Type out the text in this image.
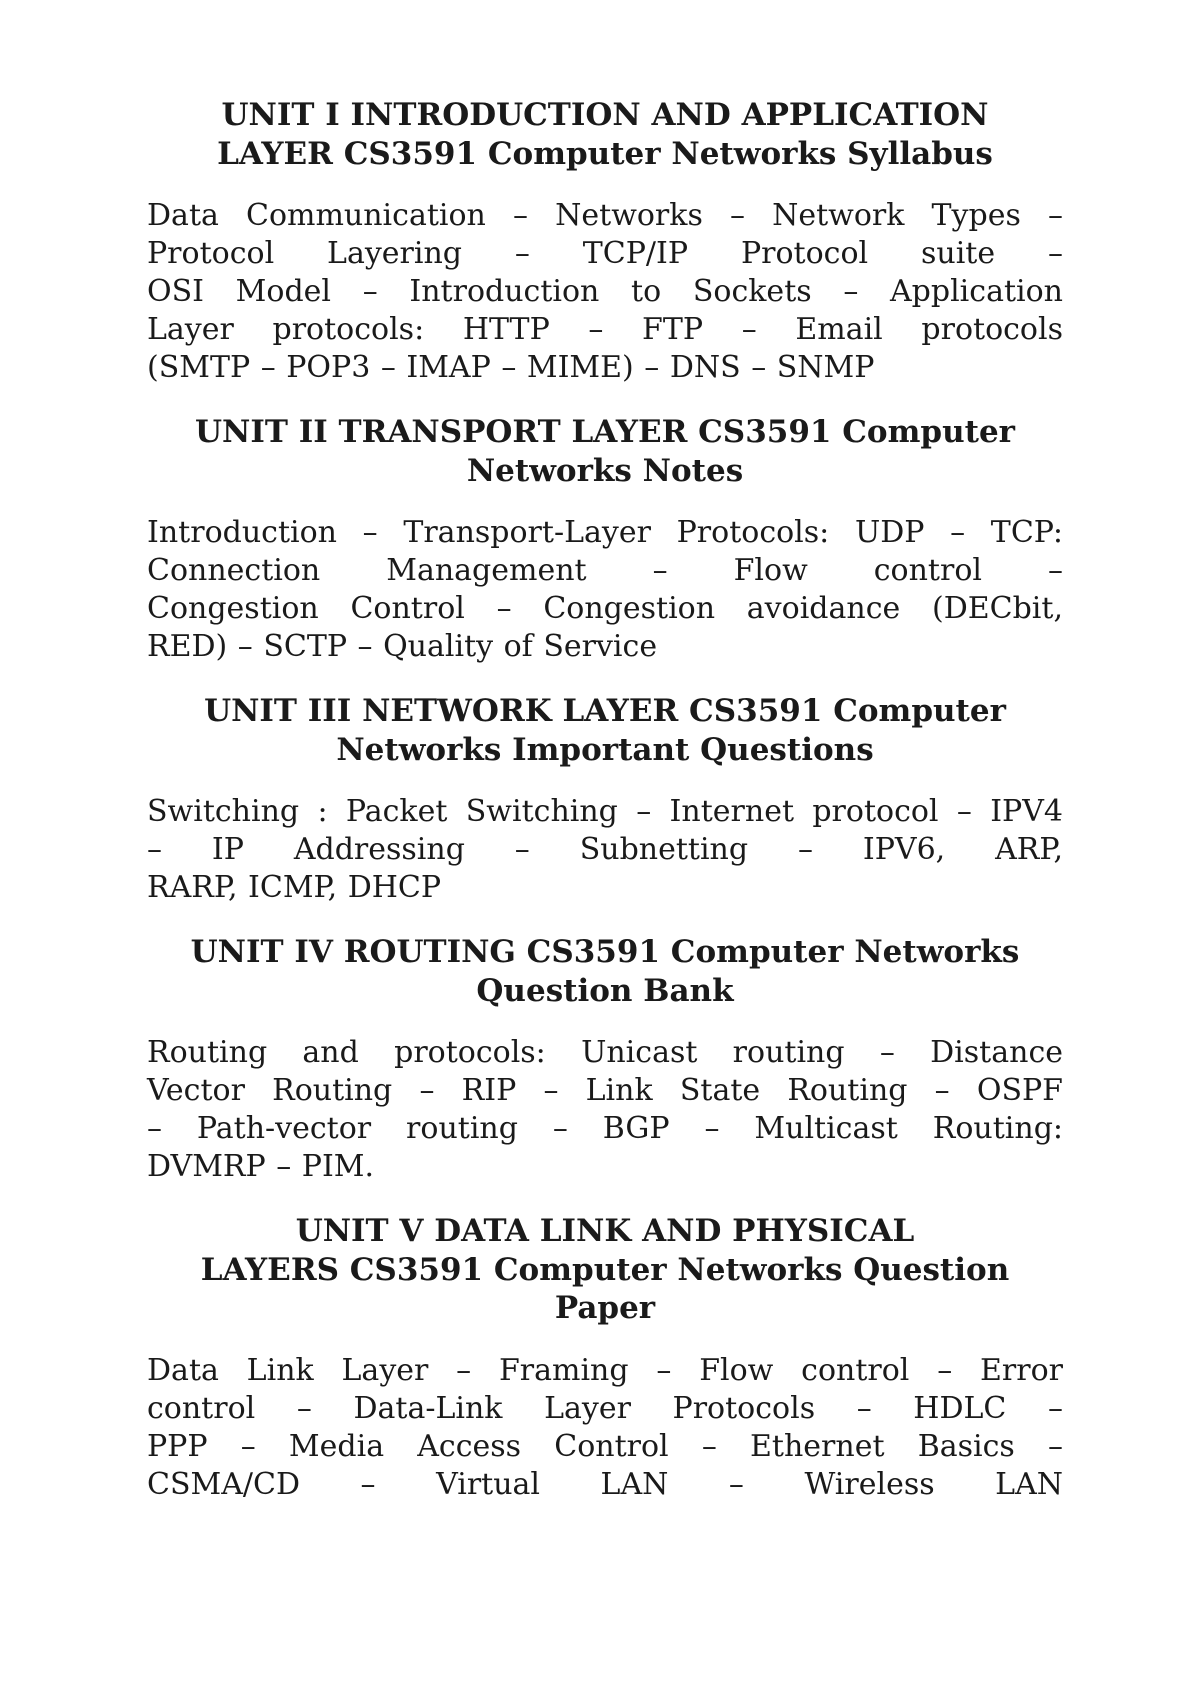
UNIT I INTRODUCTION AND APPLICATION
LAYER CS3591 Computer Networks Syllabus

Data Communication – Networks – Network Types –
Protocol Layering – TCP/IP Protocol suite –
OSI Model – Introduction to Sockets – Application
Layer protocols: HTTP – FTP – Email protocols
(SMTP – POP3 – IMAP – MIME) – DNS – SNMP

UNIT II TRANSPORT LAYER CS3591 Computer
Networks Notes

Introduction – Transport-Layer Protocols: UDP – TCP:
Connection Management – Flow control –
Congestion Control – Congestion avoidance (DECbit,
RED) – SCTP – Quality of Service

UNIT III NETWORK LAYER CS3591 Computer
Networks Important Questions

Switching : Packet Switching – Internet protocol – IPV4
– IP Addressing – Subnetting – IPV6, ARP,
RARP, ICMP, DHCP

UNIT IV ROUTING CS3591 Computer Networks
Question Bank

Routing and protocols: Unicast routing – Distance
Vector Routing – RIP – Link State Routing – OSPF
– Path-vector routing – BGP – Multicast Routing:
DVMRP – PIM.

UNIT V DATA LINK AND PHYSICAL
LAYERS CS3591 Computer Networks Question
Paper

Data Link Layer – Framing – Flow control – Error
control – Data-Link Layer Protocols – HDLC –
PPP – Media Access Control – Ethernet Basics –
CSMA/CD – Virtual LAN – Wireless LAN
